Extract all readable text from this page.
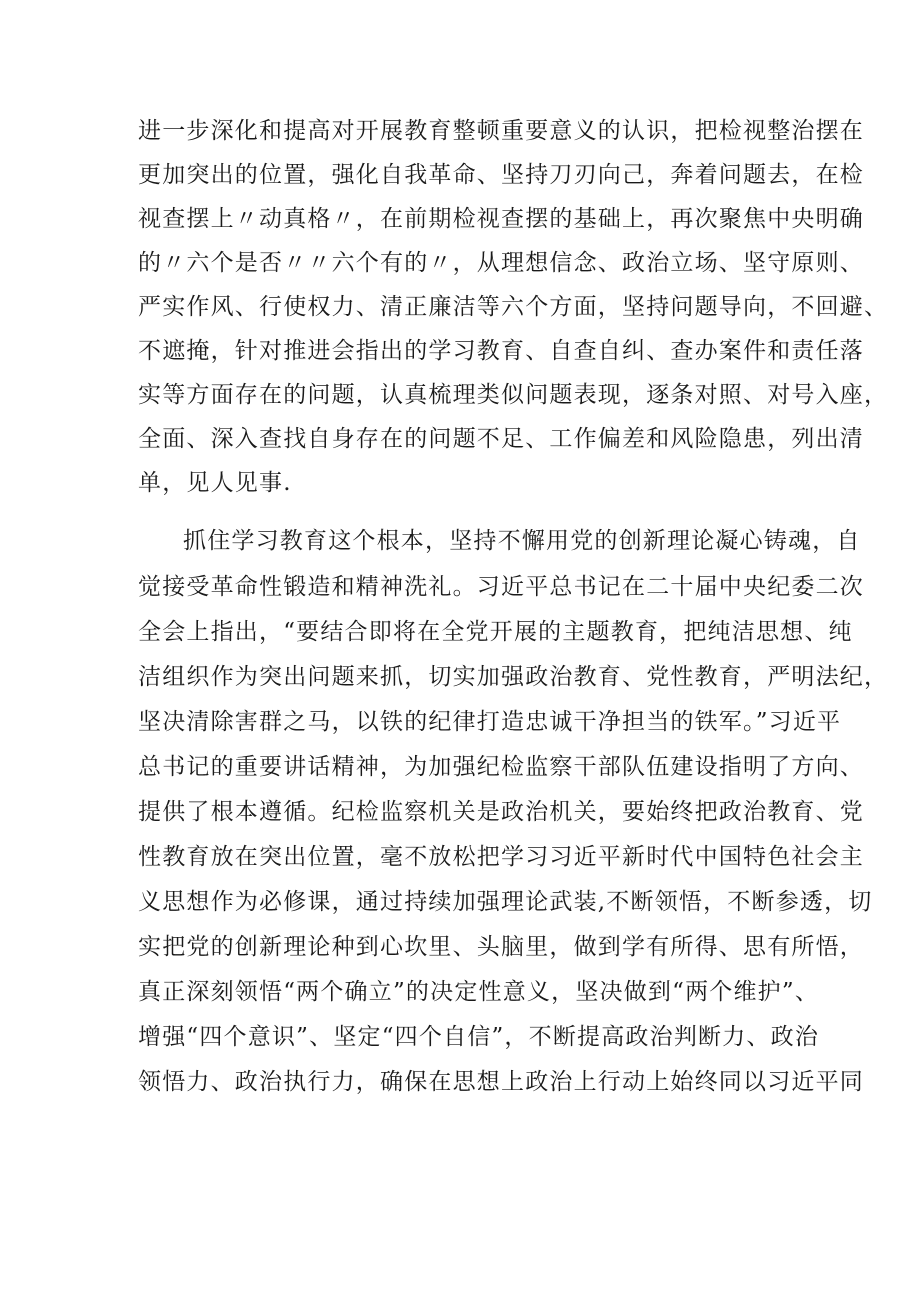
进一步深化和提高对开展教育整顿重要意义的认识，把检视整治摆在
更加突出的位置，强化自我革命、坚持刀刃向己，奔着问题去，在检
视查摆上〃动真格〃，在前期检视查摆的基础上，再次聚焦中央明确
的〃六个是否〃〃六个有的〃，从理想信念、政治立场、坚守原则、
严实作风、行使权力、清正廉洁等六个方面，坚持问题导向，不回避、
不遮掩，针对推进会指出的学习教育、自查自纠、查办案件和责任落
实等方面存在的问题，认真梳理类似问题表现，逐条对照、对号入座，
全面、深入查找自身存在的问题不足、工作偏差和风险隐患，列出清
单，见人见事.
抓住学习教育这个根本，坚持不懈用党的创新理论凝心铸魂，自
觉接受革命性锻造和精神洗礼。习近平总书记在二十届中央纪委二次
全会上指出，“要结合即将在全党开展的主题教育，把纯洁思想、纯
洁组织作为突出问题来抓，切实加强政治教育、党性教育，严明法纪，
坚决清除害群之马，以铁的纪律打造忠诚干净担当的铁军。”习近平
总书记的重要讲话精神，为加强纪检监察干部队伍建设指明了方向、
提供了根本遵循。纪检监察机关是政治机关，要始终把政治教育、党
性教育放在突出位置，毫不放松把学习习近平新时代中国特色社会主
义思想作为必修课，通过持续加强理论武装,不断领悟，不断参透，切
实把党的创新理论种到心坎里、头脑里，做到学有所得、思有所悟，
真正深刻领悟“两个确立”的决定性意义，坚决做到“两个维护”、
增强“四个意识”、坚定“四个自信”，不断提高政治判断力、政治
领悟力、政治执行力，确保在思想上政治上行动上始终同以习近平同
